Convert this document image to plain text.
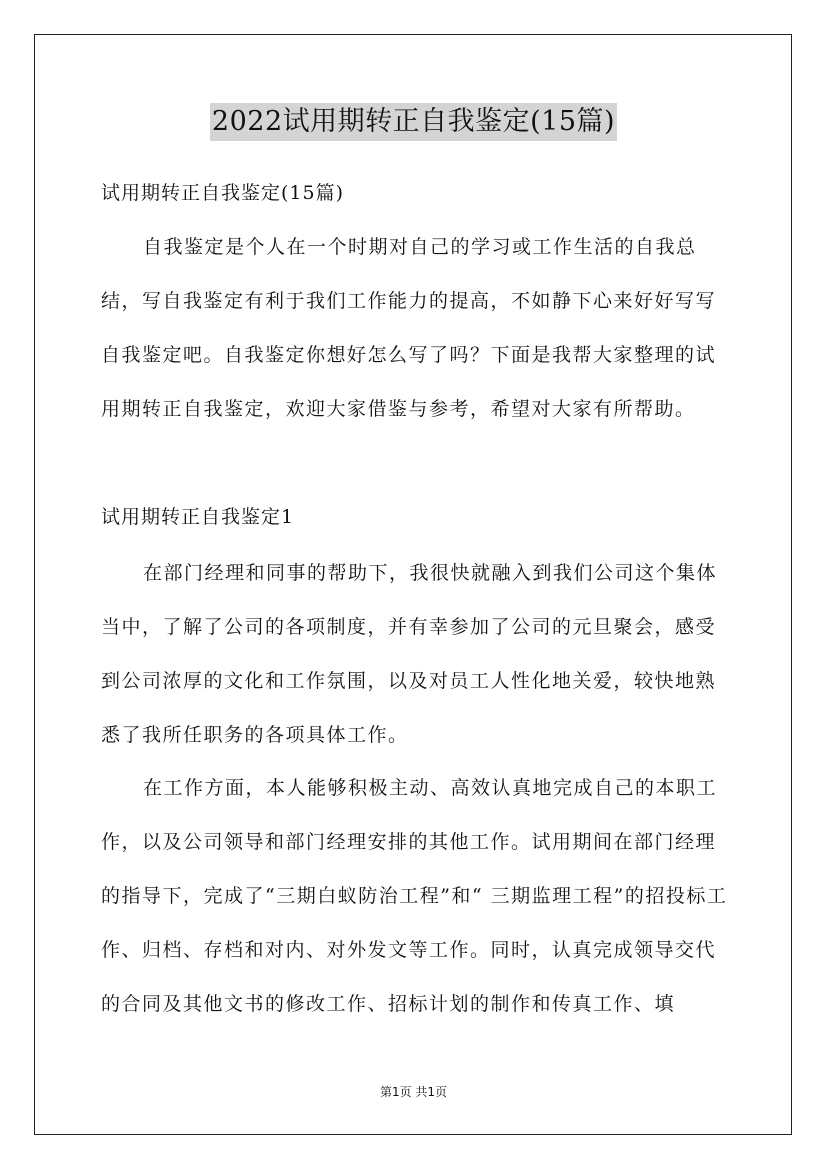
2022试用期转正自我鉴定(15篇)

试用期转正自我鉴定(15篇)

自我鉴定是个人在一个时期对自己的学习或工作生活的自我总结，写自我鉴定有利于我们工作能力的提高，不如静下心来好好写写自我鉴定吧。自我鉴定你想好怎么写了吗？下面是我帮大家整理的试用期转正自我鉴定，欢迎大家借鉴与参考，希望对大家有所帮助。

试用期转正自我鉴定1

在部门经理和同事的帮助下，我很快就融入到我们公司这个集体当中，了解了公司的各项制度，并有幸参加了公司的元旦聚会，感受到公司浓厚的文化和工作氛围，以及对员工人性化地关爱，较快地熟悉了我所任职务的各项具体工作。

在工作方面，本人能够积极主动、高效认真地完成自己的本职工作，以及公司领导和部门经理安排的其他工作。试用期间在部门经理的指导下，完成了“三期白蚁防治工程”和“ 三期监理工程”的招投标工作、归档、存档和对内、对外发文等工作。同时，认真完成领导交代的合同及其他文书的修改工作、招标计划的制作和传真工作、填

第1页 共1页
